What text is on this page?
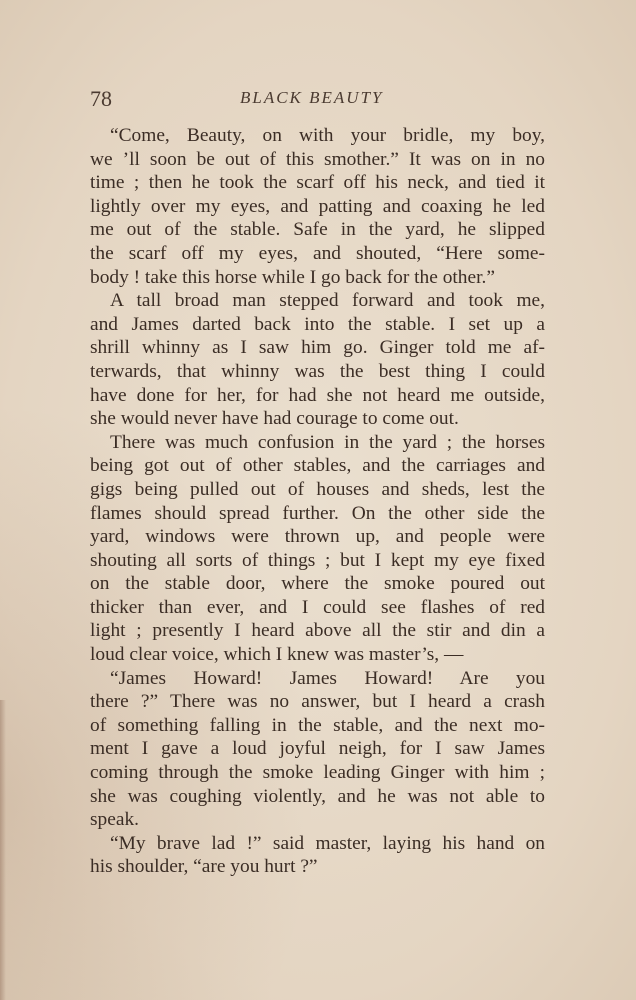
78	BLACK BEAUTY
“Come, Beauty, on with your bridle, my boy,
we ’ll soon be out of this smother.” It was on in no
time ; then he took the scarf off his neck, and tied it
lightly over my eyes, and patting and coaxing he led
me out of the stable. Safe in the yard, he slipped
the scarf off my eyes, and shouted, “Here some-
body ! take this horse while I go back for the other.”
A tall broad man stepped forward and took me,
and James darted back into the stable. I set up a
shrill whinny as I saw him go. Ginger told me af-
terwards, that whinny was the best thing I could
have done for her, for had she not heard me outside,
she would never have had courage to come out.
There was much confusion in the yard ; the horses
being got out of other stables, and the carriages and
gigs being pulled out of houses and sheds, lest the
flames should spread further. On the other side the
yard, windows were thrown up, and people were
shouting all sorts of things ; but I kept my eye fixed
on the stable door, where the smoke poured out
thicker than ever, and I could see flashes of red
light ; presently I heard above all the stir and din a
loud clear voice, which I knew was master’s, —
“James Howard! James Howard! Are you
there ?” There was no answer, but I heard a crash
of something falling in the stable, and the next mo-
ment I gave a loud joyful neigh, for I saw James
coming through the smoke leading Ginger with him ;
she was coughing violently, and he was not able to
speak.
“My brave lad !” said master, laying his hand on
his shoulder, “are you hurt ?”
